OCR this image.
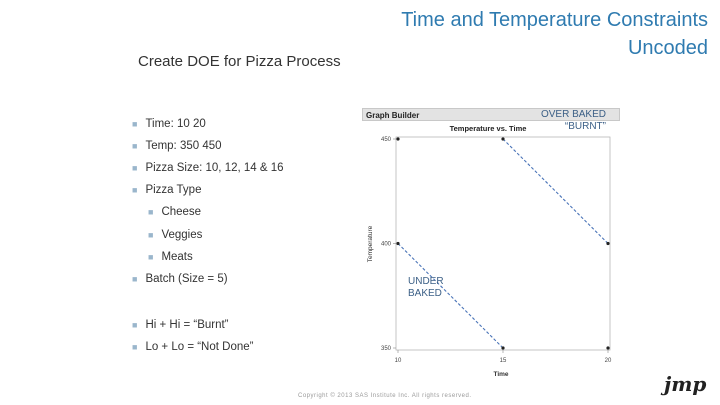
Time and Temperature Constraints
Uncoded
Create DOE for Pizza Process
■ Time: 10 20
■ Temp: 350 450
■ Pizza Size: 10, 12, 14 & 16
■ Pizza Type
■ Cheese
■ Veggies
■ Meats
■ Batch (Size = 5)
■ Hi + Hi = “Burnt”
■ Lo + Lo = “Not Done”
Graph Builder
Temperature vs. Time
350
400
450
10	15	20
Temperature
Time
OVER BAKED “BURNT”
UNDER BAKED
Copyright © 2013 SAS Institute Inc. All rights reserved.	jmp
